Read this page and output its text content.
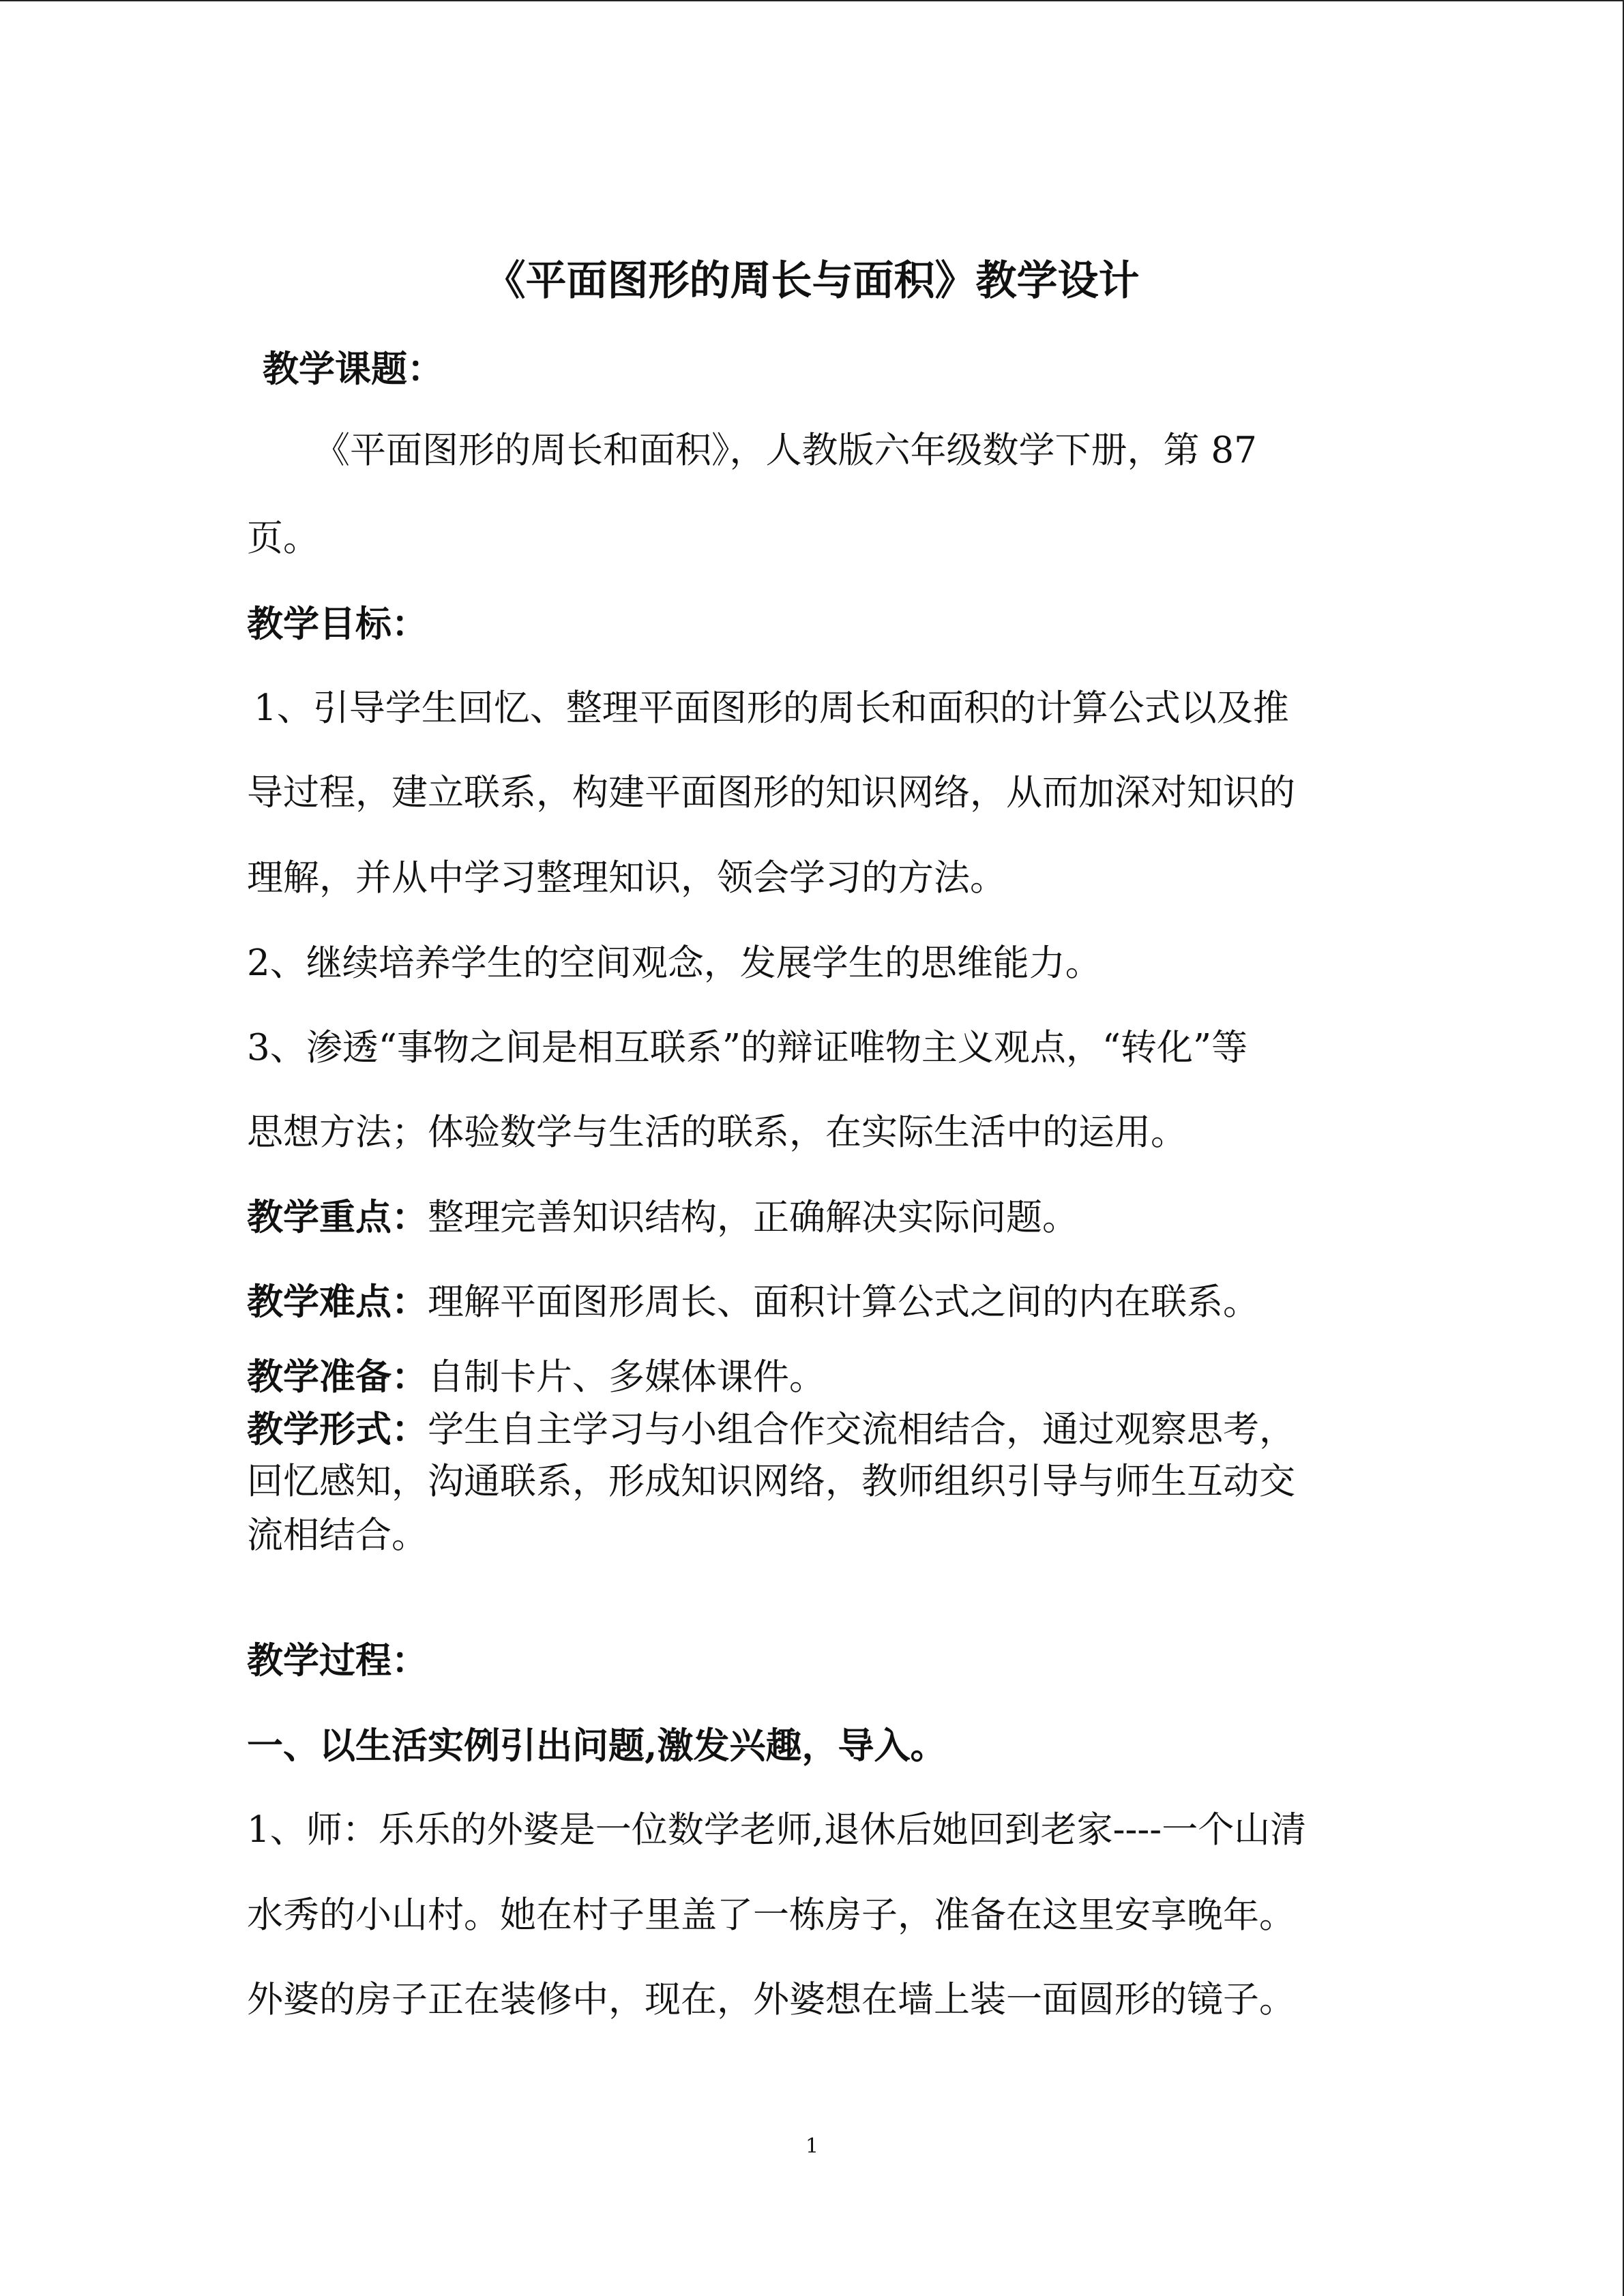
《平面图形的周长与面积》教学设计
教学课题：
《平面图形的周长和面积》，人教版六年级数学下册，第 87
页。
教学目标：
1、引导学生回忆、整理平面图形的周长和面积的计算公式以及推
导过程，建立联系，构建平面图形的知识网络，从而加深对知识的
理解，并从中学习整理知识，领会学习的方法。
2、继续培养学生的空间观念，发展学生的思维能力。
3、渗透“事物之间是相互联系”的辩证唯物主义观点，“转化”等
思想方法；体验数学与生活的联系，在实际生活中的运用。
教学重点：整理完善知识结构，正确解决实际问题。
教学难点：理解平面图形周长、面积计算公式之间的内在联系。
教学准备：自制卡片、多媒体课件。
教学形式：学生自主学习与小组合作交流相结合，通过观察思考，
回忆感知，沟通联系，形成知识网络，教师组织引导与师生互动交
流相结合。
教学过程：
一、以生活实例引出问题,激发兴趣，导入。
1、师：乐乐的外婆是一位数学老师,退休后她回到老家----一个山清
水秀的小山村。她在村子里盖了一栋房子，准备在这里安享晚年。
外婆的房子正在装修中，现在，外婆想在墙上装一面圆形的镜子。
1
